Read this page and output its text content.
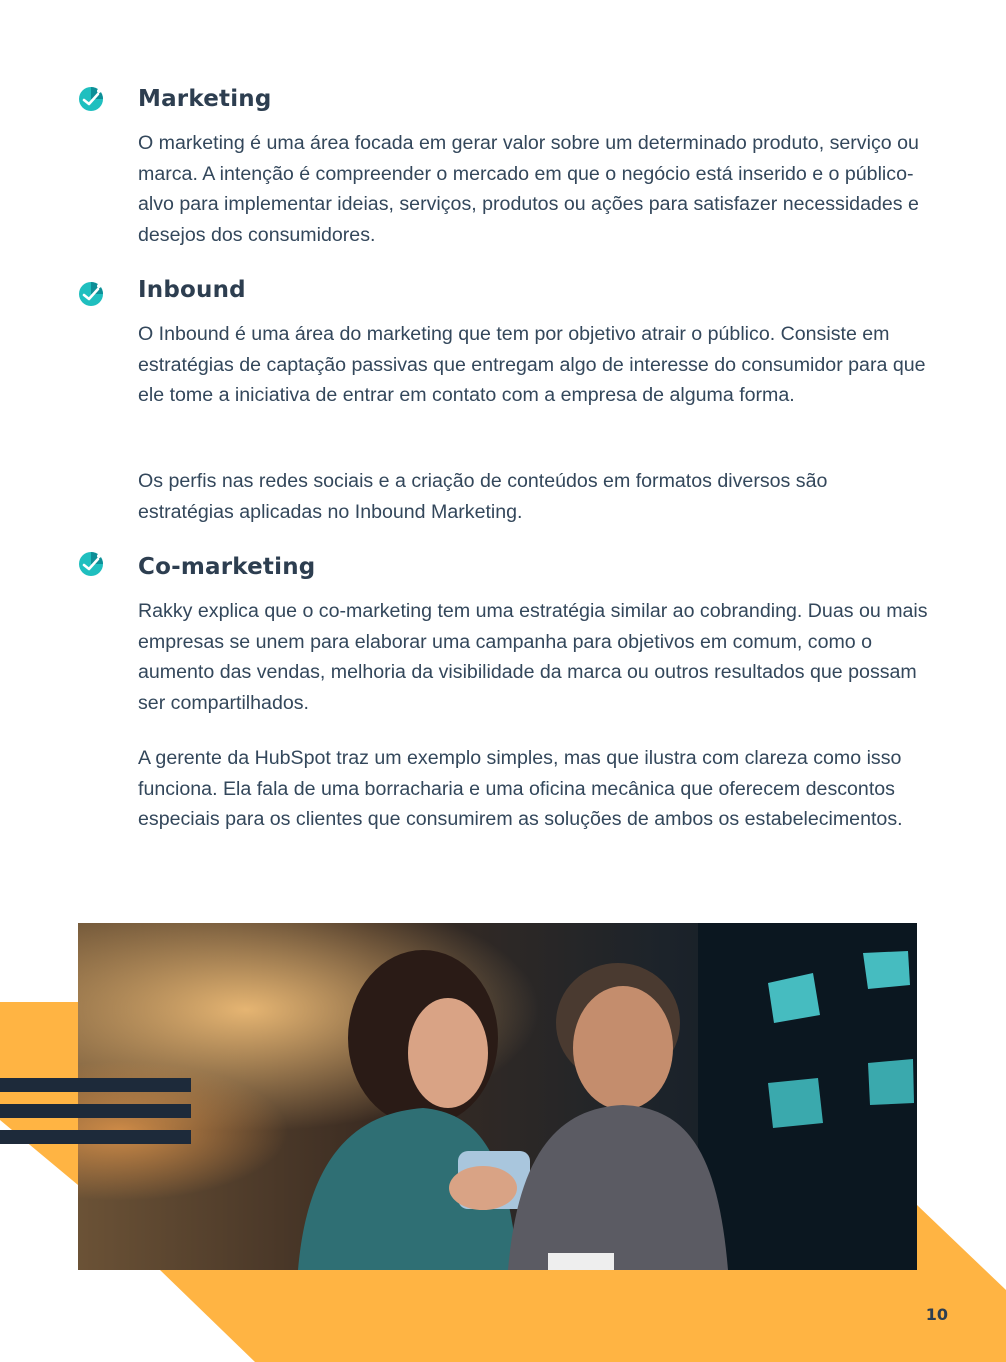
Marketing

O marketing é uma área focada em gerar valor sobre um determinado produto, serviço ou marca. A intenção é compreender o mercado em que o negócio está inserido e o público-alvo para implementar ideias, serviços, produtos ou ações para satisfazer necessidades e desejos dos consumidores.

Inbound

O Inbound é uma área do marketing que tem por objetivo atrair o público. Consiste em estratégias de captação passivas que entregam algo de interesse do consumidor para que ele tome a iniciativa de entrar em contato com a empresa de alguma forma.

Os perfis nas redes sociais e a criação de conteúdos em formatos diversos são estratégias aplicadas no Inbound Marketing.

Co-marketing

Rakky explica que o co-marketing tem uma estratégia similar ao cobranding. Duas ou mais empresas se unem para elaborar uma campanha para objetivos em comum, como o aumento das vendas, melhoria da visibilidade da marca ou outros resultados que possam ser compartilhados.

A gerente da HubSpot traz um exemplo simples, mas que ilustra com clareza como isso funciona. Ela fala de uma borracharia e uma oficina mecânica que oferecem descontos especiais para os clientes que consumirem as soluções de ambos os estabelecimentos.

10
